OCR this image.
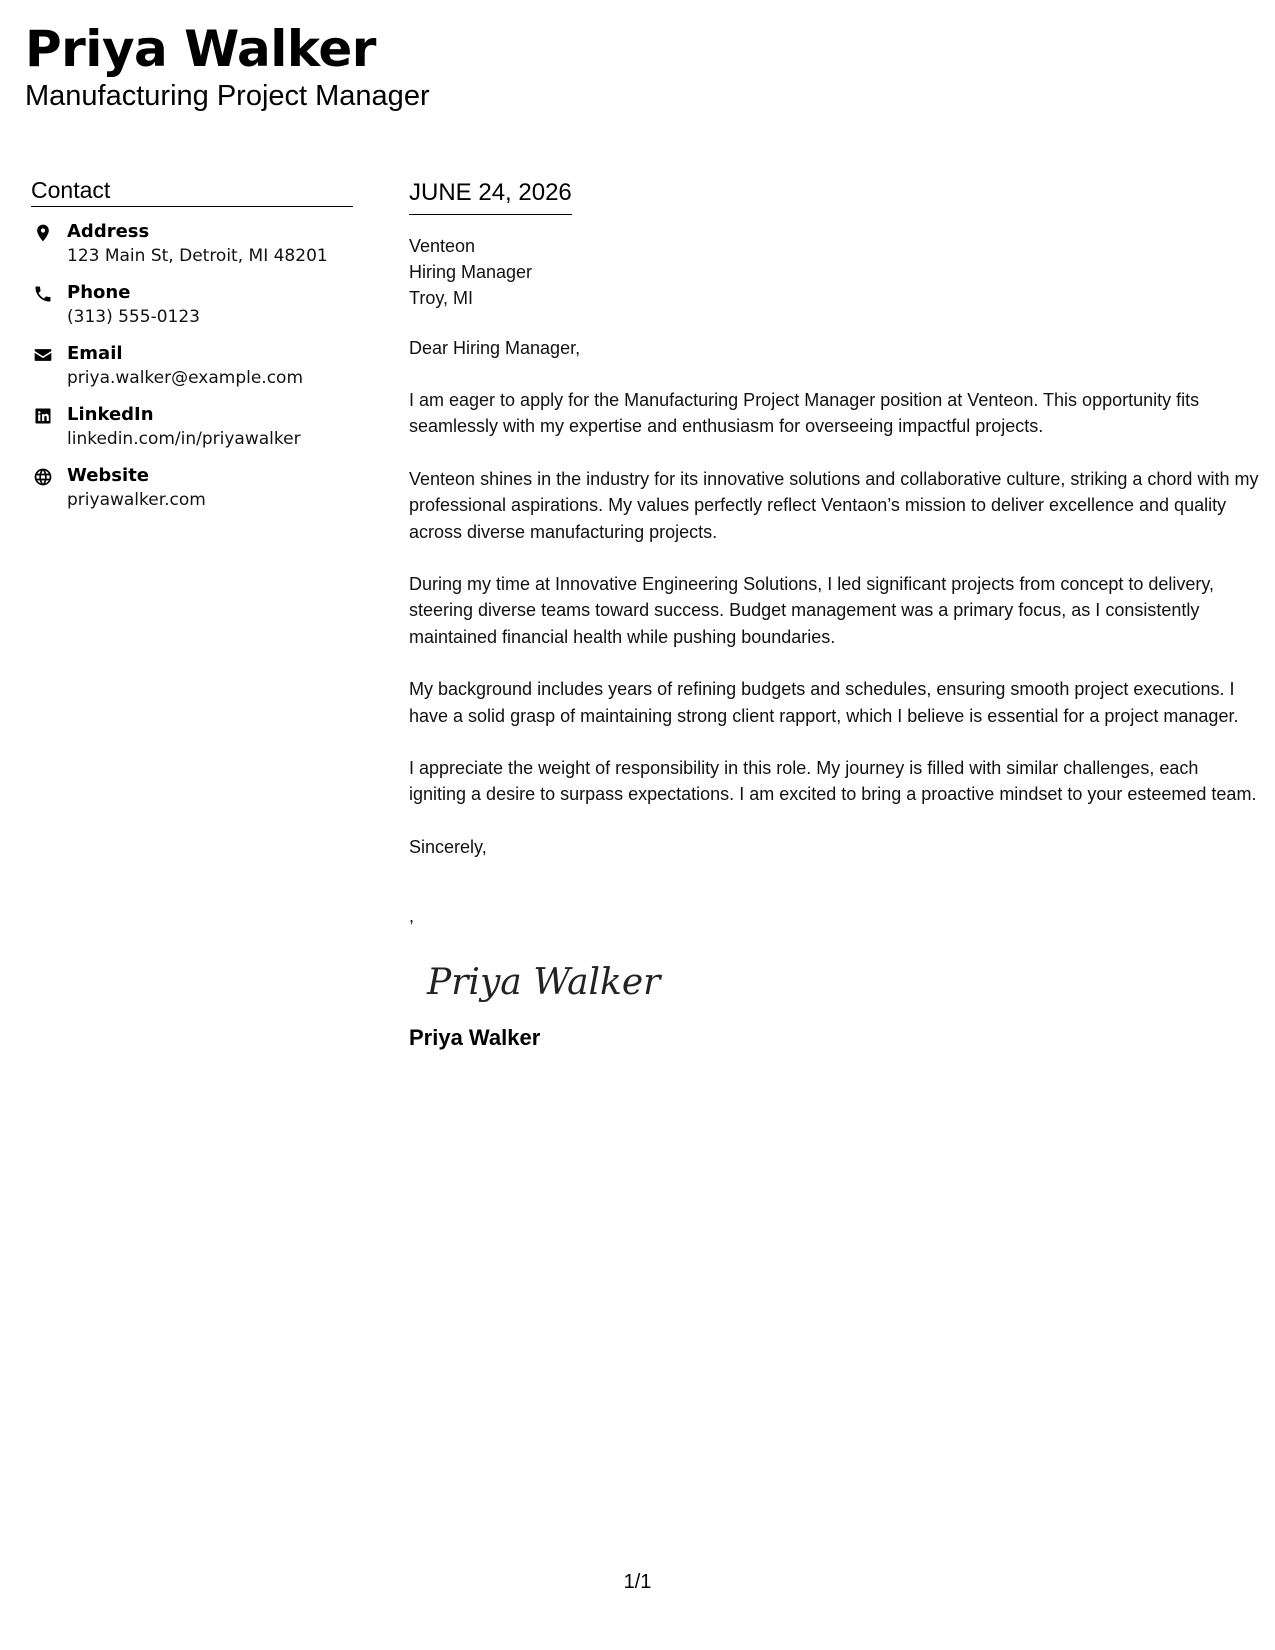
Priya Walker
Manufacturing Project Manager
Contact
Address
123 Main St, Detroit, MI 48201
Phone
(313) 555-0123
Email
priya.walker@example.com
LinkedIn
linkedin.com/in/priyawalker
Website
priyawalker.com
JUNE 24, 2026
Venteon
Hiring Manager
Troy, MI
Dear Hiring Manager,
I am eager to apply for the Manufacturing Project Manager position at Venteon. This opportunity fits seamlessly with my expertise and enthusiasm for overseeing impactful projects.
Venteon shines in the industry for its innovative solutions and collaborative culture, striking a chord with my professional aspirations. My values perfectly reflect Ventaon’s mission to deliver excellence and quality across diverse manufacturing projects.
During my time at Innovative Engineering Solutions, I led significant projects from concept to delivery, steering diverse teams toward success. Budget management was a primary focus, as I consistently maintained financial health while pushing boundaries.
My background includes years of refining budgets and schedules, ensuring smooth project executions. I have a solid grasp of maintaining strong client rapport, which I believe is essential for a project manager.
I appreciate the weight of responsibility in this role. My journey is filled with similar challenges, each igniting a desire to surpass expectations. I am excited to bring a proactive mindset to your esteemed team.
Sincerely,
,
Priya Walker
Priya Walker
1/1
